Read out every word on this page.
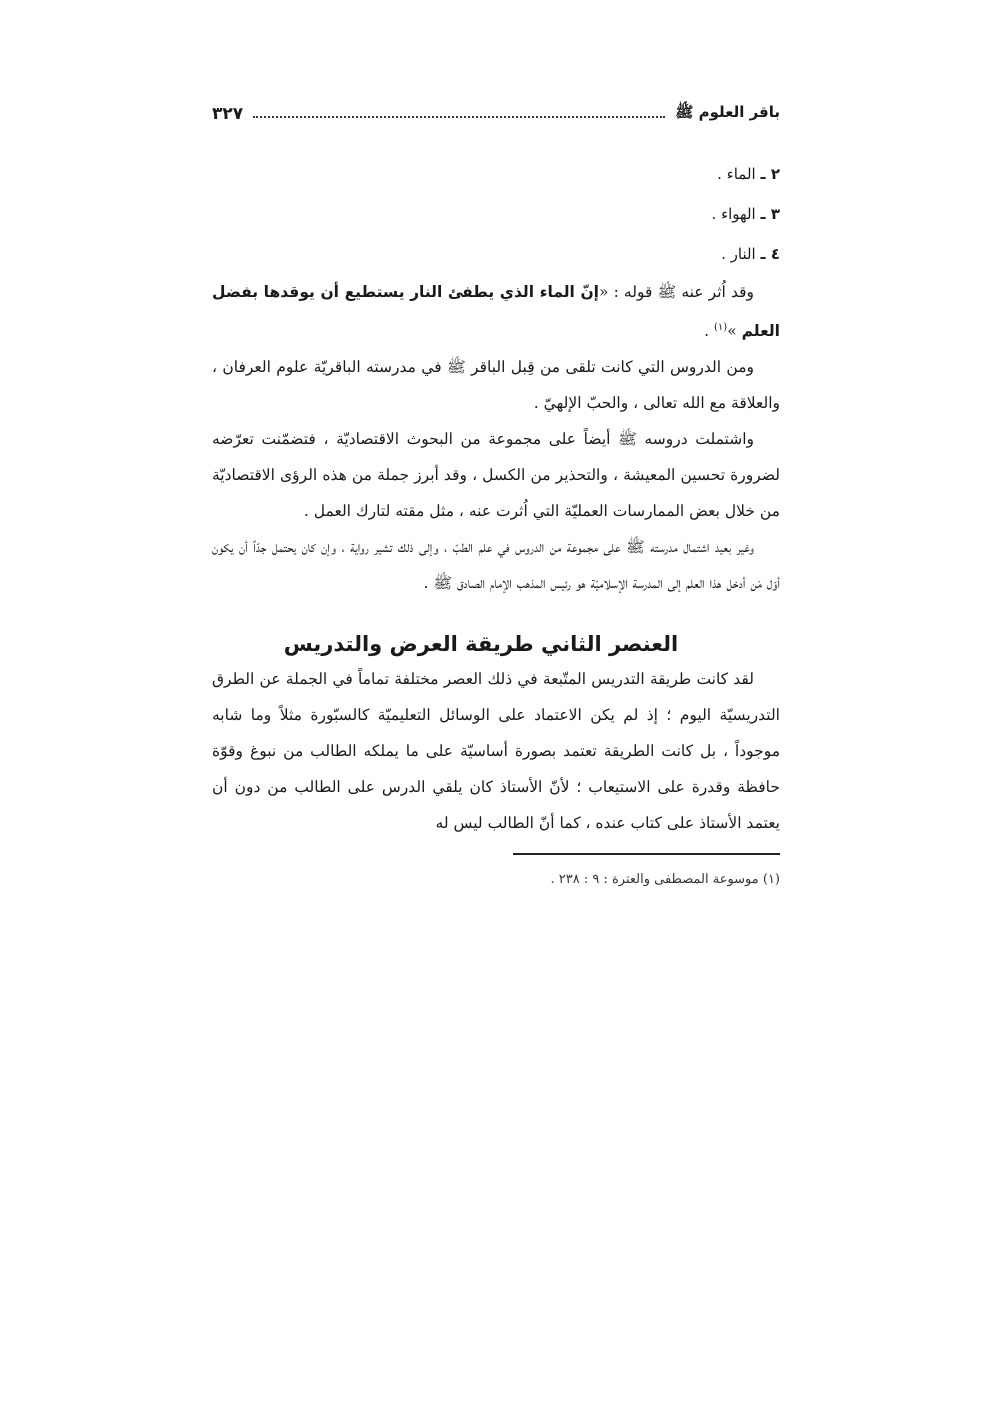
باقر العلوم ﷺ
٣٢٧
٢ ـ الماء .
٣ ـ الهواء .
٤ ـ النار .

وقد اُثر عنه ﷺ قوله : «إنّ الماء الذي يطفئ النار يستطيع أن يوقدها بفضل العلم »$^{(١)}$ .

ومن الدروس التي كانت تلقى من قِبل الباقر ﷺ في مدرسته الباقريّة علوم العرفان ، والعلاقة مع الله تعالى ، والحبّ الإلهيّ .

واشتملت دروسه ﷺ أيضاً على مجموعة من البحوث الاقتصاديّة ، فتضمّنت تعرّضه لضرورة تحسين المعيشة ، والتحذير من الكسل ، وقد أبرز جملة من هذه الرؤى الاقتصاديّة من خلال بعض الممارسات العمليّة التي اُثرت عنه ، مثل مقته لتارك العمل .

وغير بعيد اشتمال مدرسته ﷺ على مجموعة من الدروس في علم الطبّ ، وإلى ذلك تشير رواية ، وإن كان يحتمل جدّاً أن يكون أوّل مَن أدخل هذا العلم إلى المدرسة الإسلاميّة هو رئيس المذهب الإمام الصادق ﷺ .

العنصر الثاني طريقة العرض والتدريس

لقد كانت طريقة التدريس المتّبعة في ذلك العصر مختلفة تماماً في الجملة عن الطرق التدريسيّة اليوم ؛ إذ لم يكن الاعتماد على الوسائل التعليميّة كالسبّورة مثلاً وما شابه موجوداً ، بل كانت الطريقة تعتمد بصورة أساسيّة على ما يملكه الطالب من نبوغ وقوّة حافظة وقدرة على الاستيعاب ؛ لأنّ الأستاذ كان يلقي الدرس على الطالب من دون أن يعتمد الأستاذ على كتاب عنده ، كما أنّ الطالب ليس له

(١) موسوعة المصطفى والعترة : ٩ : ٢٣٨ .
